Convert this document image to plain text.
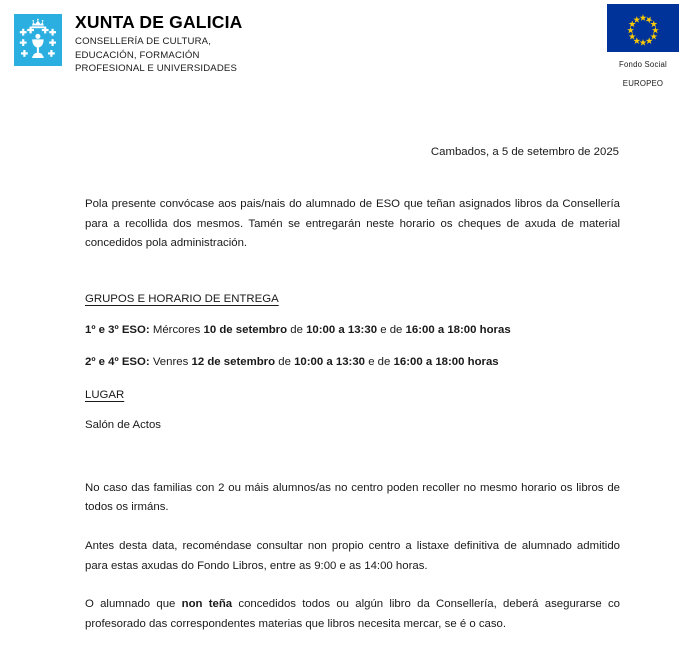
XUNTA DE GALICIA
CONSELLERÍA DE CULTURA,
EDUCACIÓN, FORMACIÓN
PROFESIONAL E UNIVERSIDADES	Fondo Social
EUROPEO
Cambados, a 5 de setembro de 2025

Pola presente convócase aos pais/nais do alumnado de ESO que teñan asignados libros da Consellería para a recollida dos mesmos. Tamén se entregarán neste horario os cheques de axuda de material concedidos pola administración.

GRUPOS E HORARIO DE ENTREGA
1º e 3º ESO: Mércores 10 de setembro de 10:00 a 13:30 e de 16:00 a 18:00 horas
2º e 4º ESO: Venres 12 de setembro de 10:00 a 13:30 e de 16:00 a 18:00 horas
LUGAR
Salón de Actos

No caso das familias con 2 ou máis alumnos/as no centro poden recoller no mesmo horario os libros de todos os irmáns.

Antes desta data, recoméndase consultar non propio centro a listaxe definitiva de alumnado admitido para estas axudas do Fondo Libros, entre as 9:00 e as 14:00 horas.

O alumnado que non teña concedidos todos ou algún libro da Consellería, deberá asegurarse co profesorado das correspondentes materias que libros necesita mercar, se é o caso.
